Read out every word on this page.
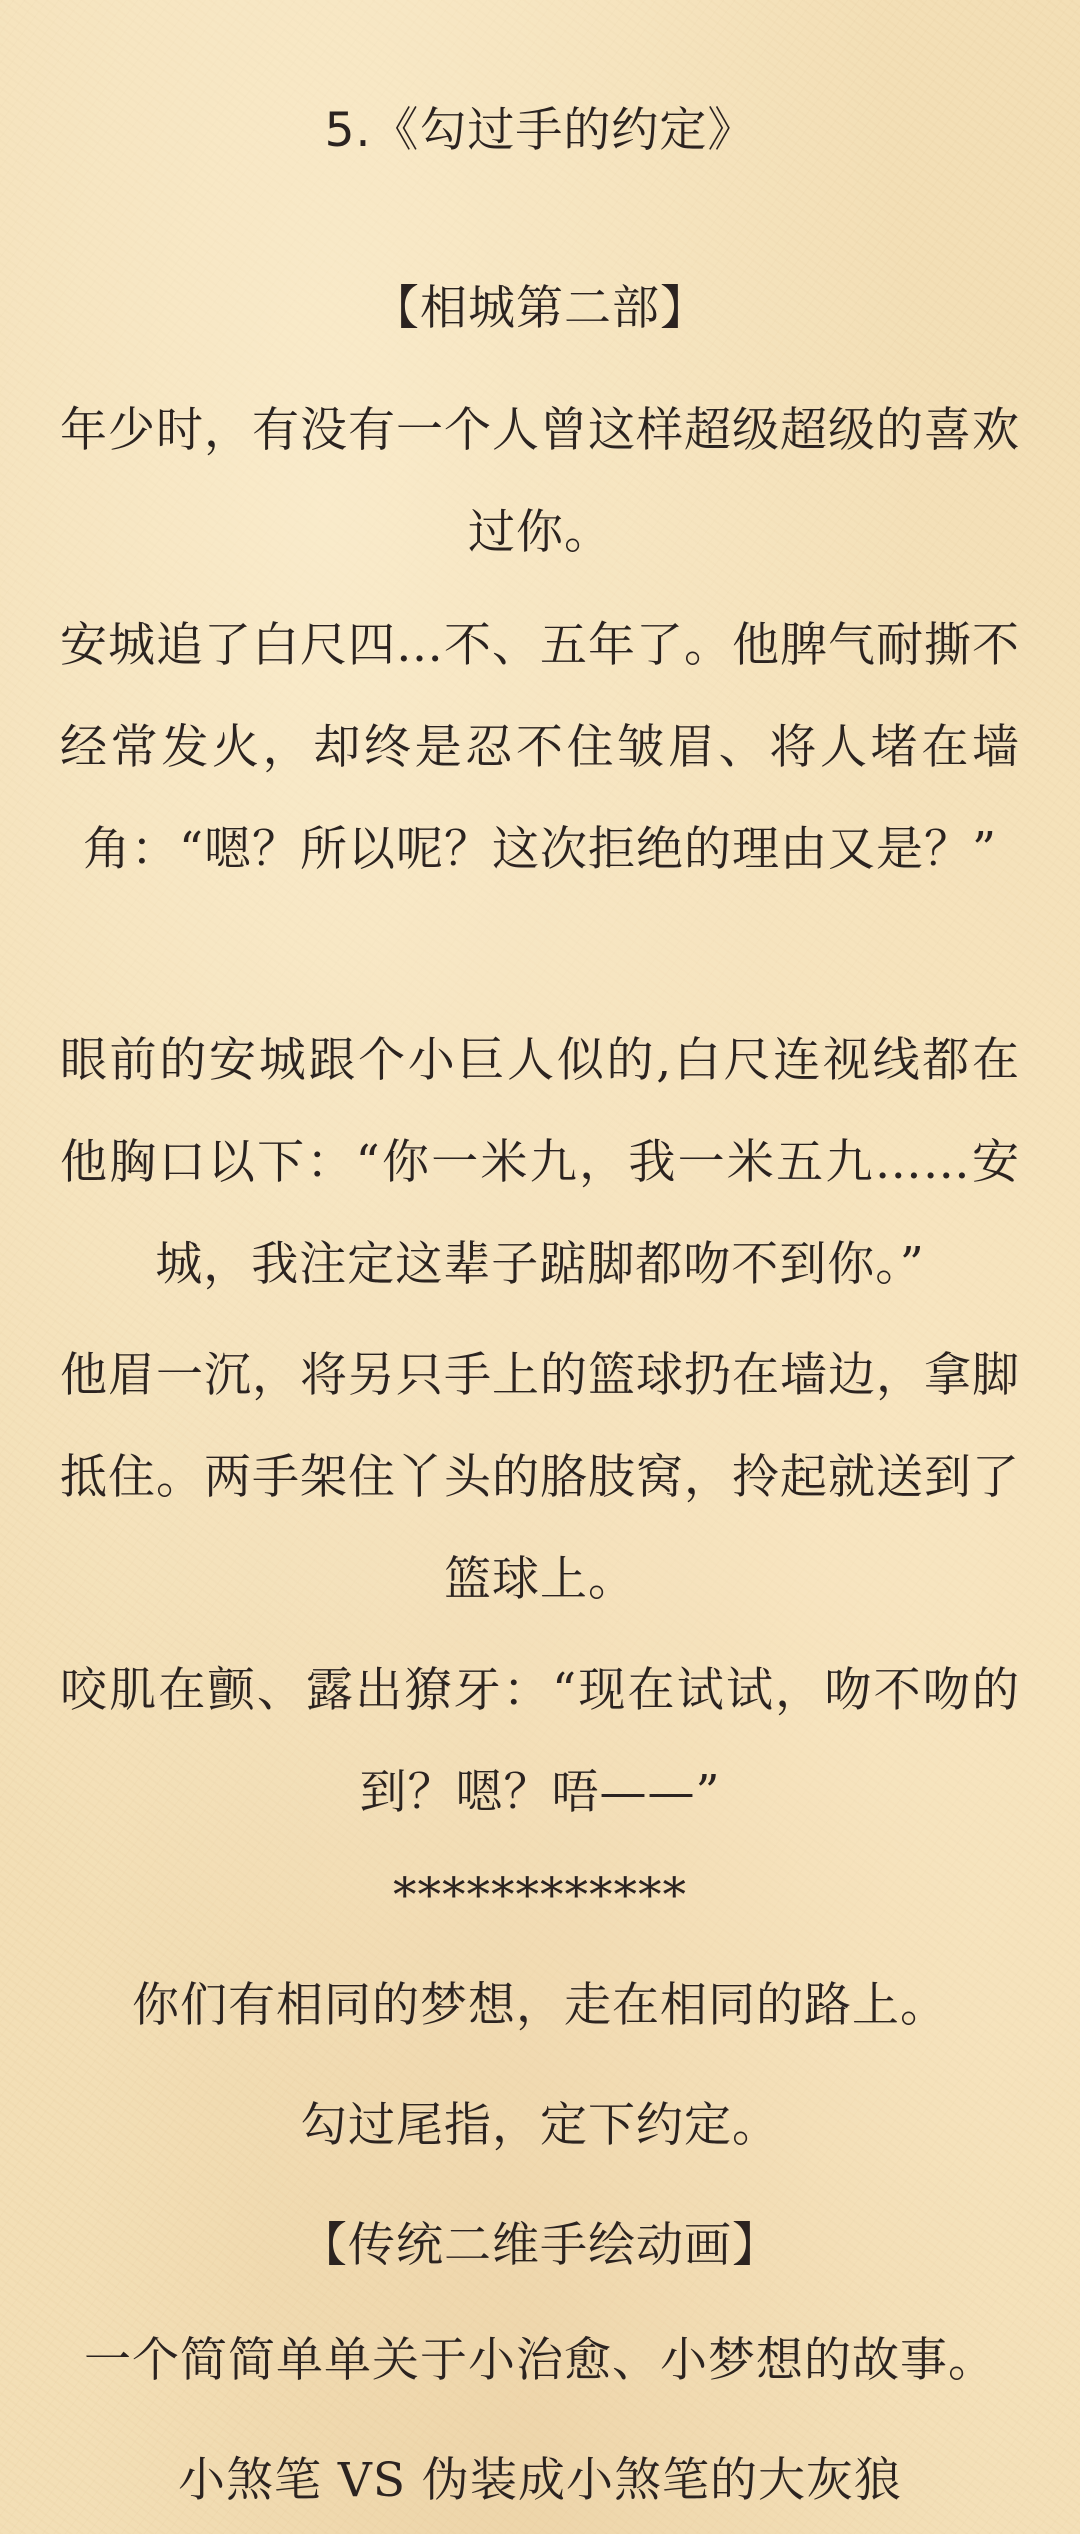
5.《勾过手的约定》

【相城第二部】

年少时，有没有一个人曾这样超级超级的喜欢过你。

安城追了白尺四…不、五年了。他脾气耐撕不经常发火，却终是忍不住皱眉、将人堵在墙角：“嗯？所以呢？这次拒绝的理由又是？”

眼前的安城跟个小巨人似的,白尺连视线都在他胸口以下：“你一米九，我一米五九……安城，我注定这辈子踮脚都吻不到你。”

他眉一沉，将另只手上的篮球扔在墙边，拿脚抵住。两手架住丫头的胳肢窝，拎起就送到了篮球上。

咬肌在颤、露出獠牙：“现在试试，吻不吻的到？嗯？唔——”

************

你们有相同的梦想，走在相同的路上。

勾过尾指，定下约定。

【传统二维手绘动画】

一个简简单单关于小治愈、小梦想的故事。

小煞笔 VS 伪装成小煞笔的大灰狼
